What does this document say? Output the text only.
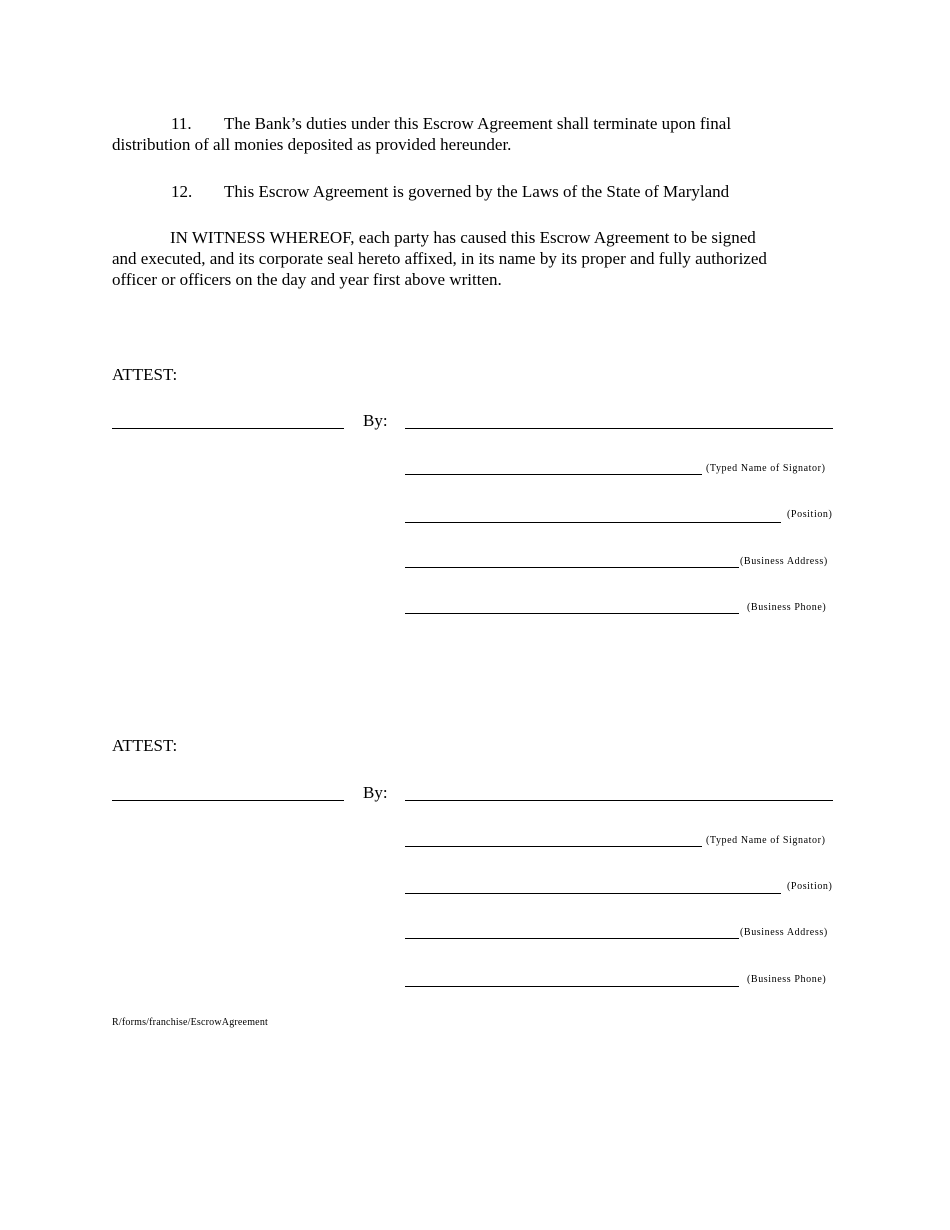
11. The Bank’s duties under this Escrow Agreement shall terminate upon final
distribution of all monies deposited as provided hereunder.
12. This Escrow Agreement is governed by the Laws of the State of Maryland
IN WITNESS WHEREOF, each party has caused this Escrow Agreement to be signed
and executed, and its corporate seal hereto affixed, in its name by its proper and fully authorized
officer or officers on the day and year first above written.
ATTEST:
By:
(Typed Name of Signator)
(Position)
(Business Address)
(Business Phone)
ATTEST:
By:
(Typed Name of Signator)
(Position)
(Business Address)
(Business Phone)
R/forms/franchise/EscrowAgreement
